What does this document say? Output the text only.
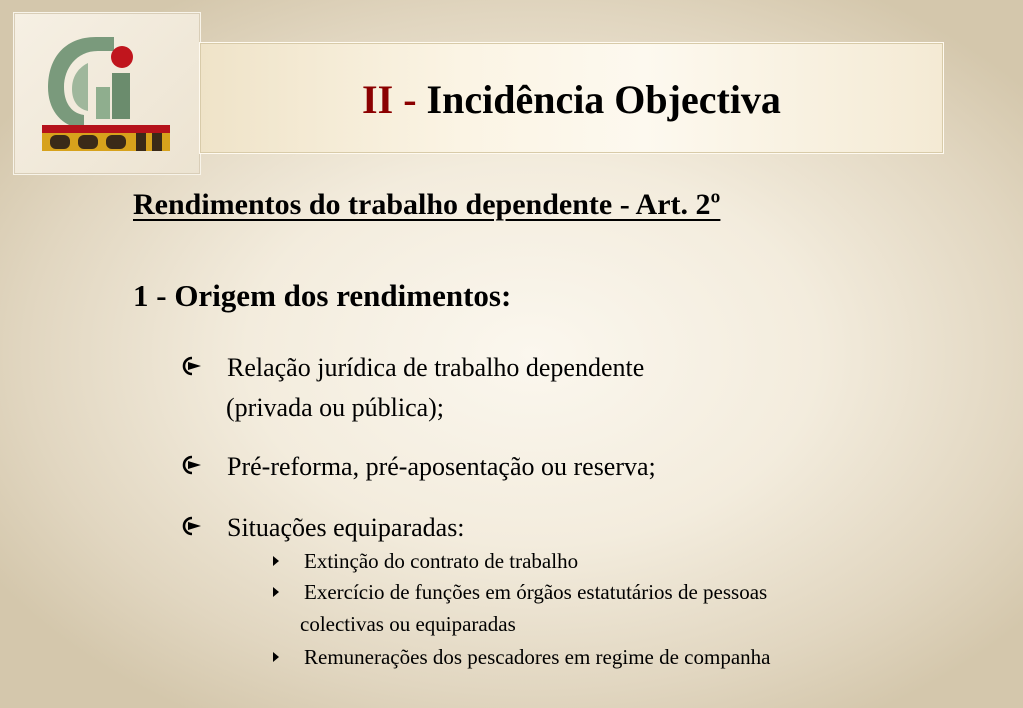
II - Incidência Objectiva
Rendimentos do trabalho dependente - Art. 2º
1 - Origem dos rendimentos:
Relação jurídica de trabalho dependente
(privada ou pública);
Pré-reforma, pré-aposentação ou reserva;
Situações equiparadas:
Extinção do contrato de trabalho
Exercício de funções em órgãos estatutários de pessoas
colectivas ou equiparadas
Remunerações dos pescadores em regime de companha
